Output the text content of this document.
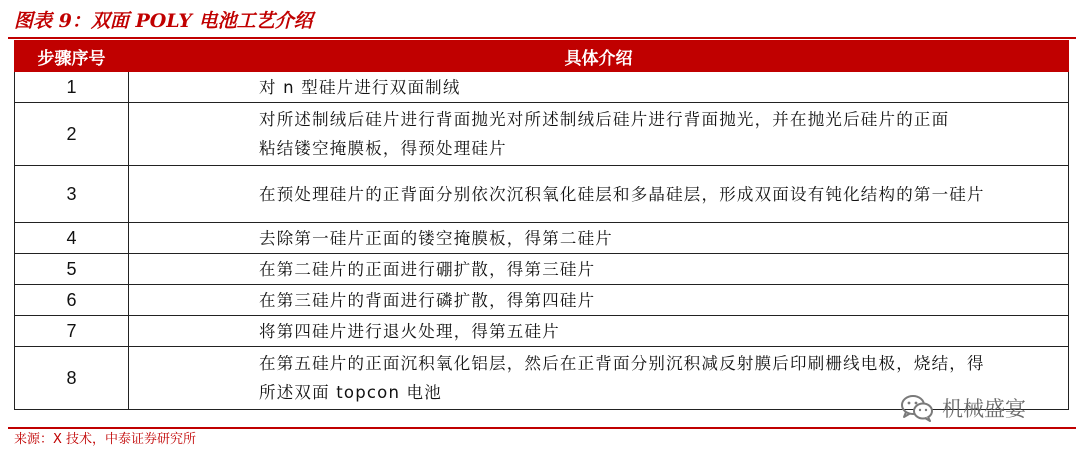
图表 9：双面 POLY 电池工艺介绍
步骤序号	具体介绍
1	对 n 型硅片进行双面制绒

2	对所述制绒后硅片进行背面抛光对所述制绒后硅片进行背面抛光，并在抛光后硅片的正面
粘结镂空掩膜板，得预处理硅片

3	在预处理硅片的正背面分别依次沉积氧化硅层和多晶硅层，形成双面设有钝化结构的第一硅片

4	去除第一硅片正面的镂空掩膜板，得第二硅片

5	在第二硅片的正面进行硼扩散，得第三硅片

6	在第三硅片的背面进行磷扩散，得第四硅片

7	将第四硅片进行退火处理，得第五硅片

8	在第五硅片的正面沉积氧化铝层，然后在正背面分别沉积减反射膜后印刷栅线电极，烧结，得
所述双面 topcon 电池
机械盛宴
来源：X 技术，中泰证券研究所
